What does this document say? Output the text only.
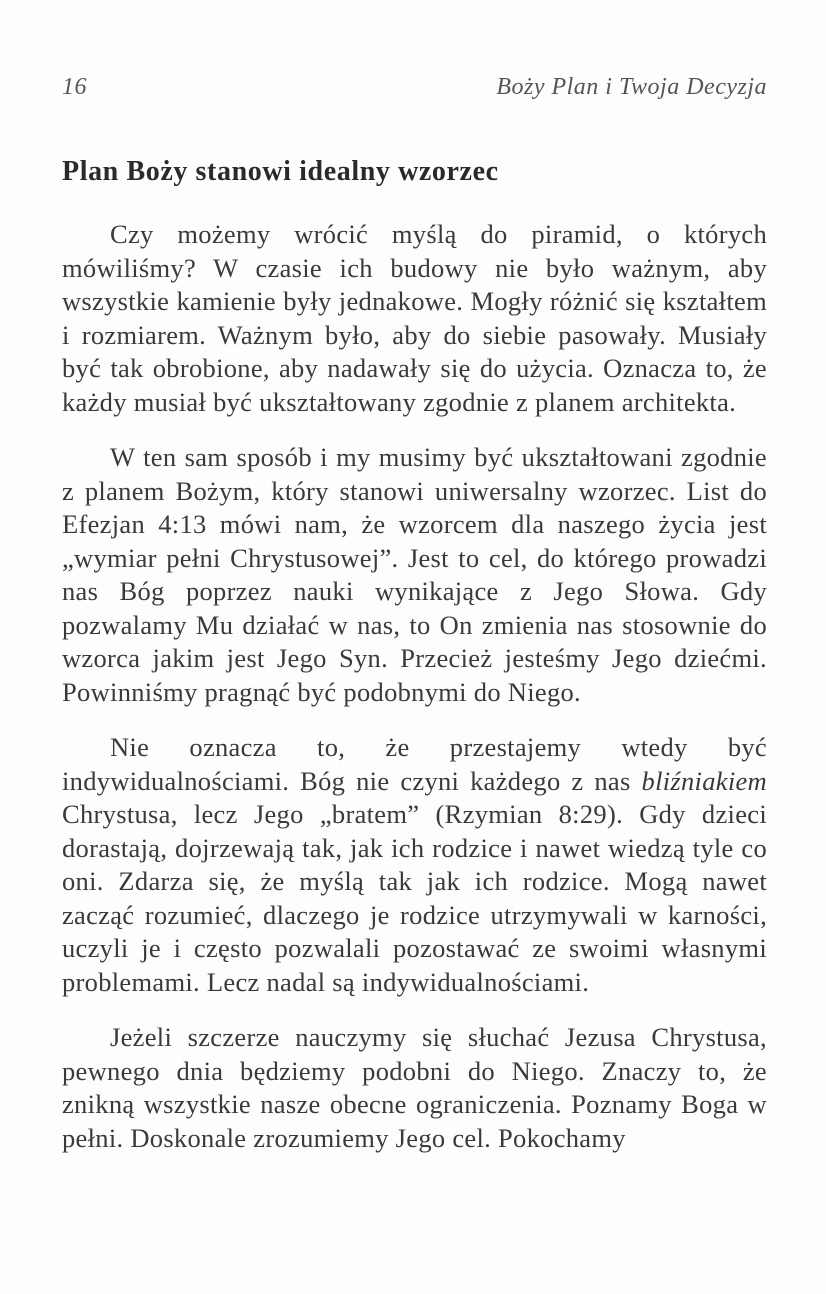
16	Boży Plan i Twoja Decyzja
Plan Boży stanowi idealny wzorzec

Czy możemy wrócić myślą do piramid, o których mówiliśmy? W czasie ich budowy nie było ważnym, aby wszystkie kamienie były jednakowe. Mogły różnić się kształtem i rozmiarem. Ważnym było, aby do siebie pasowały. Musiały być tak obrobione, aby nadawały się do użycia. Oznacza to, że każdy musiał być ukształtowany zgodnie z planem architekta.

W ten sam sposób i my musimy być ukształtowani zgodnie z planem Bożym, który stanowi uniwersalny wzorzec. List do Efezjan 4:13 mówi nam, że wzorcem dla naszego życia jest „wymiar pełni Chrystusowej”. Jest to cel, do którego prowadzi nas Bóg poprzez nauki wynikające z Jego Słowa. Gdy pozwalamy Mu działać w nas, to On zmienia nas stosownie do wzorca jakim jest Jego Syn. Przecież jesteśmy Jego dziećmi. Powinniśmy pragnąć być podobnymi do Niego.

Nie oznacza to, że przestajemy wtedy być indywidualnościami. Bóg nie czyni każdego z nas bliźniakiem Chrystusa, lecz Jego „bratem” (Rzymian 8:29). Gdy dzieci dorastają, dojrzewają tak, jak ich rodzice i nawet wiedzą tyle co oni. Zdarza się, że myślą tak jak ich rodzice. Mogą nawet zacząć rozumieć, dlaczego je rodzice utrzymywali w karności, uczyli je i często pozwalali pozostawać ze swoimi własnymi problemami. Lecz nadal są indywidualnościami.

Jeżeli szczerze nauczymy się słuchać Jezusa Chrystusa, pewnego dnia będziemy podobni do Niego. Znaczy to, że znikną wszystkie nasze obecne ograniczenia. Poznamy Boga w pełni. Doskonale zrozumiemy Jego cel. Pokochamy
